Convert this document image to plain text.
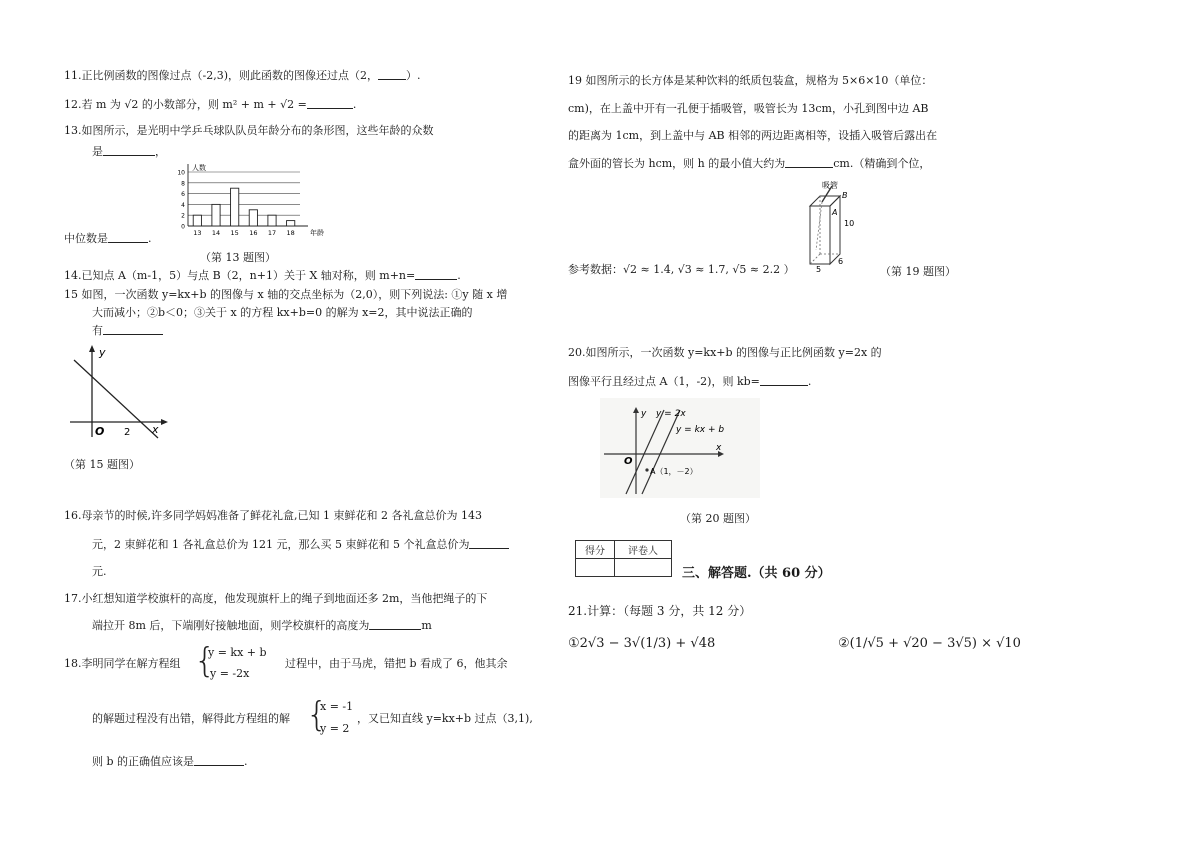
11.正比例函数的图像过点（-2,3)，则此函数的图像还过点（2，	）.
12.若 m 为 √2 的小数部分，则 m² + m + √2 =	.
13.如图所示，是光明中学乒乓球队队员年龄分布的条形图，这些年龄的众数
是	，
0
2
4
6
8
10
人数
年龄
13 14 15 16 17 18
中位数是	.
（第 13 题图）
14.已知点 A（m-1，5）与点 B（2，n+1）关于 X 轴对称，则 m+n=	.
15 如图，一次函数 y=kx+b 的图像与 x 轴的交点坐标为（2,0），则下列说法: ①y 随 x 增
大而减小；②b＜0；③关于 x 的方程 kx+b=0 的解为 x=2，其中说法正确的
有
y
O 2 x
（第 15 题图）
16.母亲节的时候,许多同学妈妈准备了鲜花礼盒,已知 1 束鲜花和 2 各礼盒总价为 143
元，2 束鲜花和 1 各礼盒总价为 121 元，那么买 5 束鲜花和 5 个礼盒总价为
元.
17.小红想知道学校旗杆的高度，他发现旗杆上的绳子到地面还多 2m，当他把绳子的下
端拉开 8m 后，下端刚好接触地面，则学校旗杆的高度为	m
18.李明同学在解方程组 {
y = kx + b
y = -2x
过程中，由于马虎，错把 b 看成了 6，他其余
的解题过程没有出错，解得此方程组的解 {
x = -1
y = 2
，又已知直线 y=kx+b 过点（3,1),
则 b 的正确值应该是	.
19 如图所示的长方体是某种饮料的纸质包装盒，规格为 5×6×10（单位：
cm)，在上盖中开有一孔便于插吸管，吸管长为 13cm，小孔到图中边 AB
的距离为 1cm，到上盖中与 AB 相邻的两边距离相等，设插入吸管后露出在
盒外面的管长为 hcm，则 h 的最小值大约为	cm.（精确到个位，
吸管
B
A
10
6
5
参考数据：√2 ≈ 1.4, √3 ≈ 1.7, √5 ≈ 2.2 ）	（第 19 题图）
20.如图所示，一次函数 y=kx+b 的图像与正比例函数 y=2x 的
图像平行且经过点 A（1，-2)，则 kb=	.
y y = 2x
y = kx + b
x
O
A（1，－2）
（第 20 题图）
得分	评卷人

三、解答题.（共 60 分）
21.计算：（每题 3 分，共 12 分）
①2√3 − 3√(1/3) + √48	②(1/√5 + √20 − 3√5) × √10
